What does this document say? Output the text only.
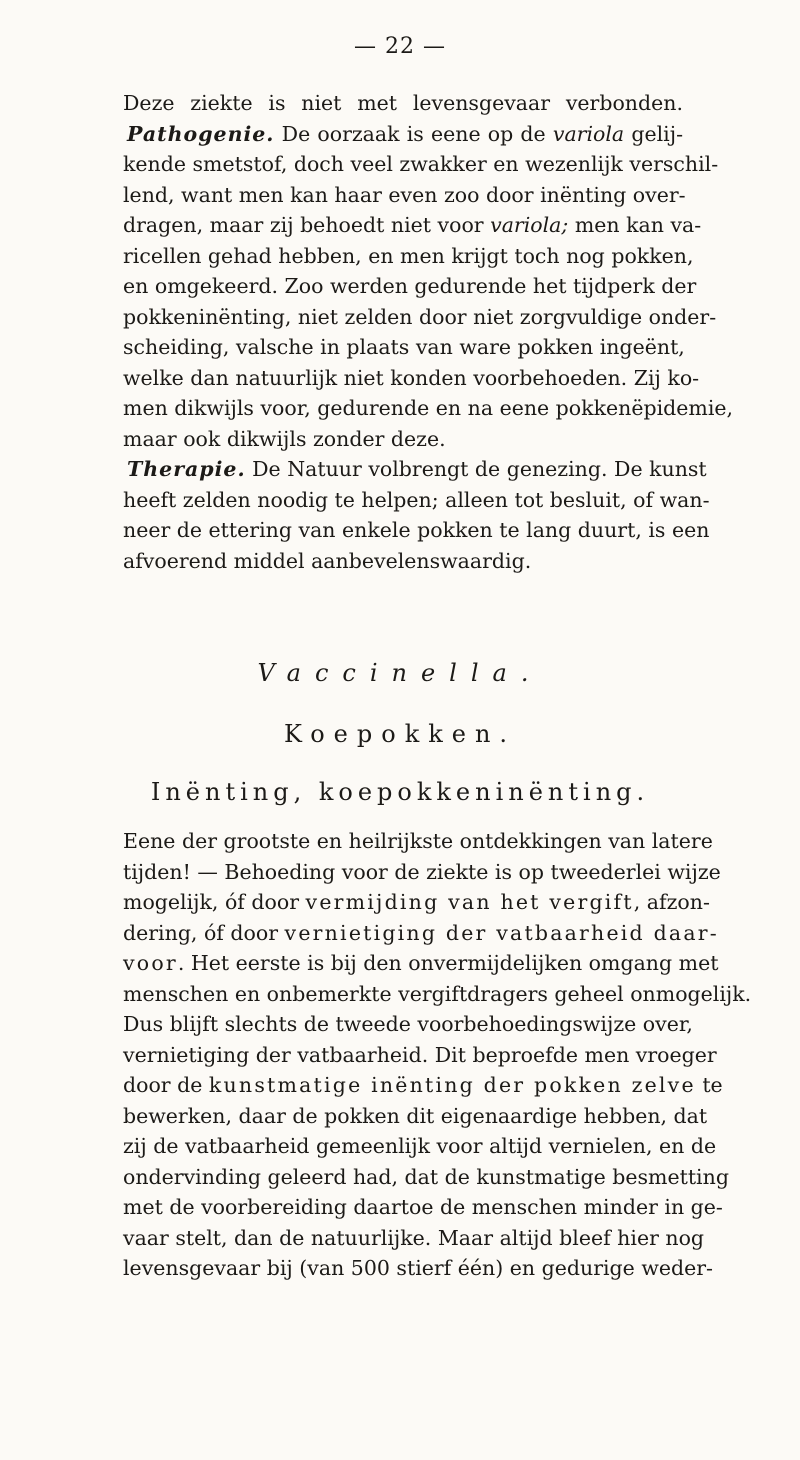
— 22 —
Deze ziekte is niet met levensgevaar verbonden.
Pathogenie. De oorzaak is eene op de variola gelij-
kende smetstof, doch veel zwakker en wezenlijk verschil-
lend, want men kan haar even zoo door inënting over-
dragen, maar zij behoedt niet voor variola; men kan va-
ricellen gehad hebben, en men krijgt toch nog pokken,
en omgekeerd. Zoo werden gedurende het tijdperk der
pokkeninënting, niet zelden door niet zorgvuldige onder-
scheiding, valsche in plaats van ware pokken ingeënt,
welke dan natuurlijk niet konden voorbehoeden. Zij ko-
men dikwijls voor, gedurende en na eene pokkenëpidemie,
maar ook dikwijls zonder deze.
Therapie. De Natuur volbrengt de genezing. De kunst
heeft zelden noodig te helpen; alleen tot besluit, of wan-
neer de ettering van enkele pokken te lang duurt, is een
afvoerend middel aanbevelenswaardig.
Vaccinella.
Koepokken.
Inënting, koepokkeninënting.
Eene der grootste en heilrijkste ontdekkingen van latere
tijden! — Behoeding voor de ziekte is op tweederlei wijze
mogelijk, óf door vermijding van het vergift, afzon-
dering, óf door vernietiging der vatbaarheid daar-
voor. Het eerste is bij den onvermijdelijken omgang met
menschen en onbemerkte vergiftdragers geheel onmogelijk.
Dus blijft slechts de tweede voorbehoedingswijze over,
vernietiging der vatbaarheid. Dit beproefde men vroeger
door de kunstmatige inënting der pokken zelve te
bewerken, daar de pokken dit eigenaardige hebben, dat
zij de vatbaarheid gemeenlijk voor altijd vernielen, en de
ondervinding geleerd had, dat de kunstmatige besmetting
met de voorbereiding daartoe de menschen minder in ge-
vaar stelt, dan de natuurlijke. Maar altijd bleef hier nog
levensgevaar bij (van 500 stierf één) en gedurige weder-
